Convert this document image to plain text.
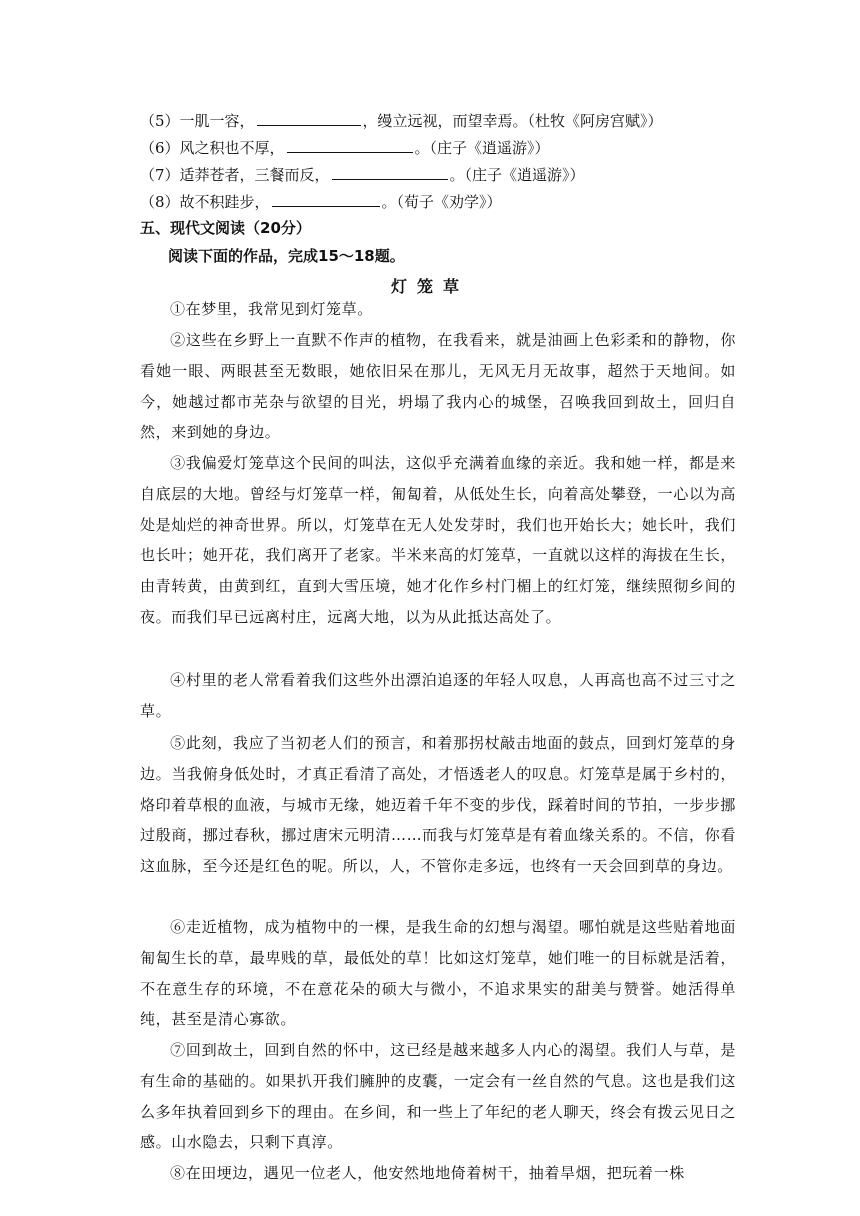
（5）一肌一容，	，缦立远视，而望幸焉。（杜牧《阿房宫赋》）
（6）风之积也不厚，	。（庄子《逍遥游》）
（7）适莽苍者，三餐而反，	。（庄子《逍遥游》）
（8）故不积跬步，	。（荀子《劝学》）
五、现代文阅读（20分）
阅读下面的作品，完成15～18题。
灯笼草

①在梦里，我常见到灯笼草。

②这些在乡野上一直默不作声的植物，在我看来，就是油画上色彩柔和的静物，你看她一眼、两眼甚至无数眼，她依旧呆在那儿，无风无月无故事，超然于天地间。如今，她越过都市芜杂与欲望的目光，坍塌了我内心的城堡，召唤我回到故土，回归自然，来到她的身边。

③我偏爱灯笼草这个民间的叫法，这似乎充满着血缘的亲近。我和她一样，都是来自底层的大地。曾经与灯笼草一样，匍匐着，从低处生长，向着高处攀登，一心以为高处是灿烂的神奇世界。所以，灯笼草在无人处发芽时，我们也开始长大；她长叶，我们也长叶；她开花，我们离开了老家。半米来高的灯笼草，一直就以这样的海拔在生长，由青转黄，由黄到红，直到大雪压境，她才化作乡村门楣上的红灯笼，继续照彻乡间的夜。而我们早已远离村庄，远离大地，以为从此抵达高处了。

④村里的老人常看着我们这些外出漂泊追逐的年轻人叹息，人再高也高不过三寸之草。

⑤此刻，我应了当初老人们的预言，和着那拐杖敲击地面的鼓点，回到灯笼草的身边。当我俯身低处时，才真正看清了高处，才悟透老人的叹息。灯笼草是属于乡村的，烙印着草根的血液，与城市无缘，她迈着千年不变的步伐，踩着时间的节拍，一步步挪过殷商，挪过春秋，挪过唐宋元明清……而我与灯笼草是有着血缘关系的。不信，你看这血脉，至今还是红色的呢。所以，人，不管你走多远，也终有一天会回到草的身边。

⑥走近植物，成为植物中的一棵，是我生命的幻想与渴望。哪怕就是这些贴着地面匍匐生长的草，最卑贱的草，最低处的草！比如这灯笼草，她们唯一的目标就是活着，不在意生存的环境，不在意花朵的硕大与微小，不追求果实的甜美与赞誉。她活得单纯，甚至是清心寡欲。

⑦回到故土，回到自然的怀中，这已经是越来越多人内心的渴望。我们人与草，是有生命的基础的。如果扒开我们臃肿的皮囊，一定会有一丝自然的气息。这也是我们这么多年执着回到乡下的理由。在乡间，和一些上了年纪的老人聊天，终会有拨云见日之感。山水隐去，只剩下真淳。

⑧在田埂边，遇见一位老人，他安然地地倚着树干，抽着旱烟，把玩着一株
